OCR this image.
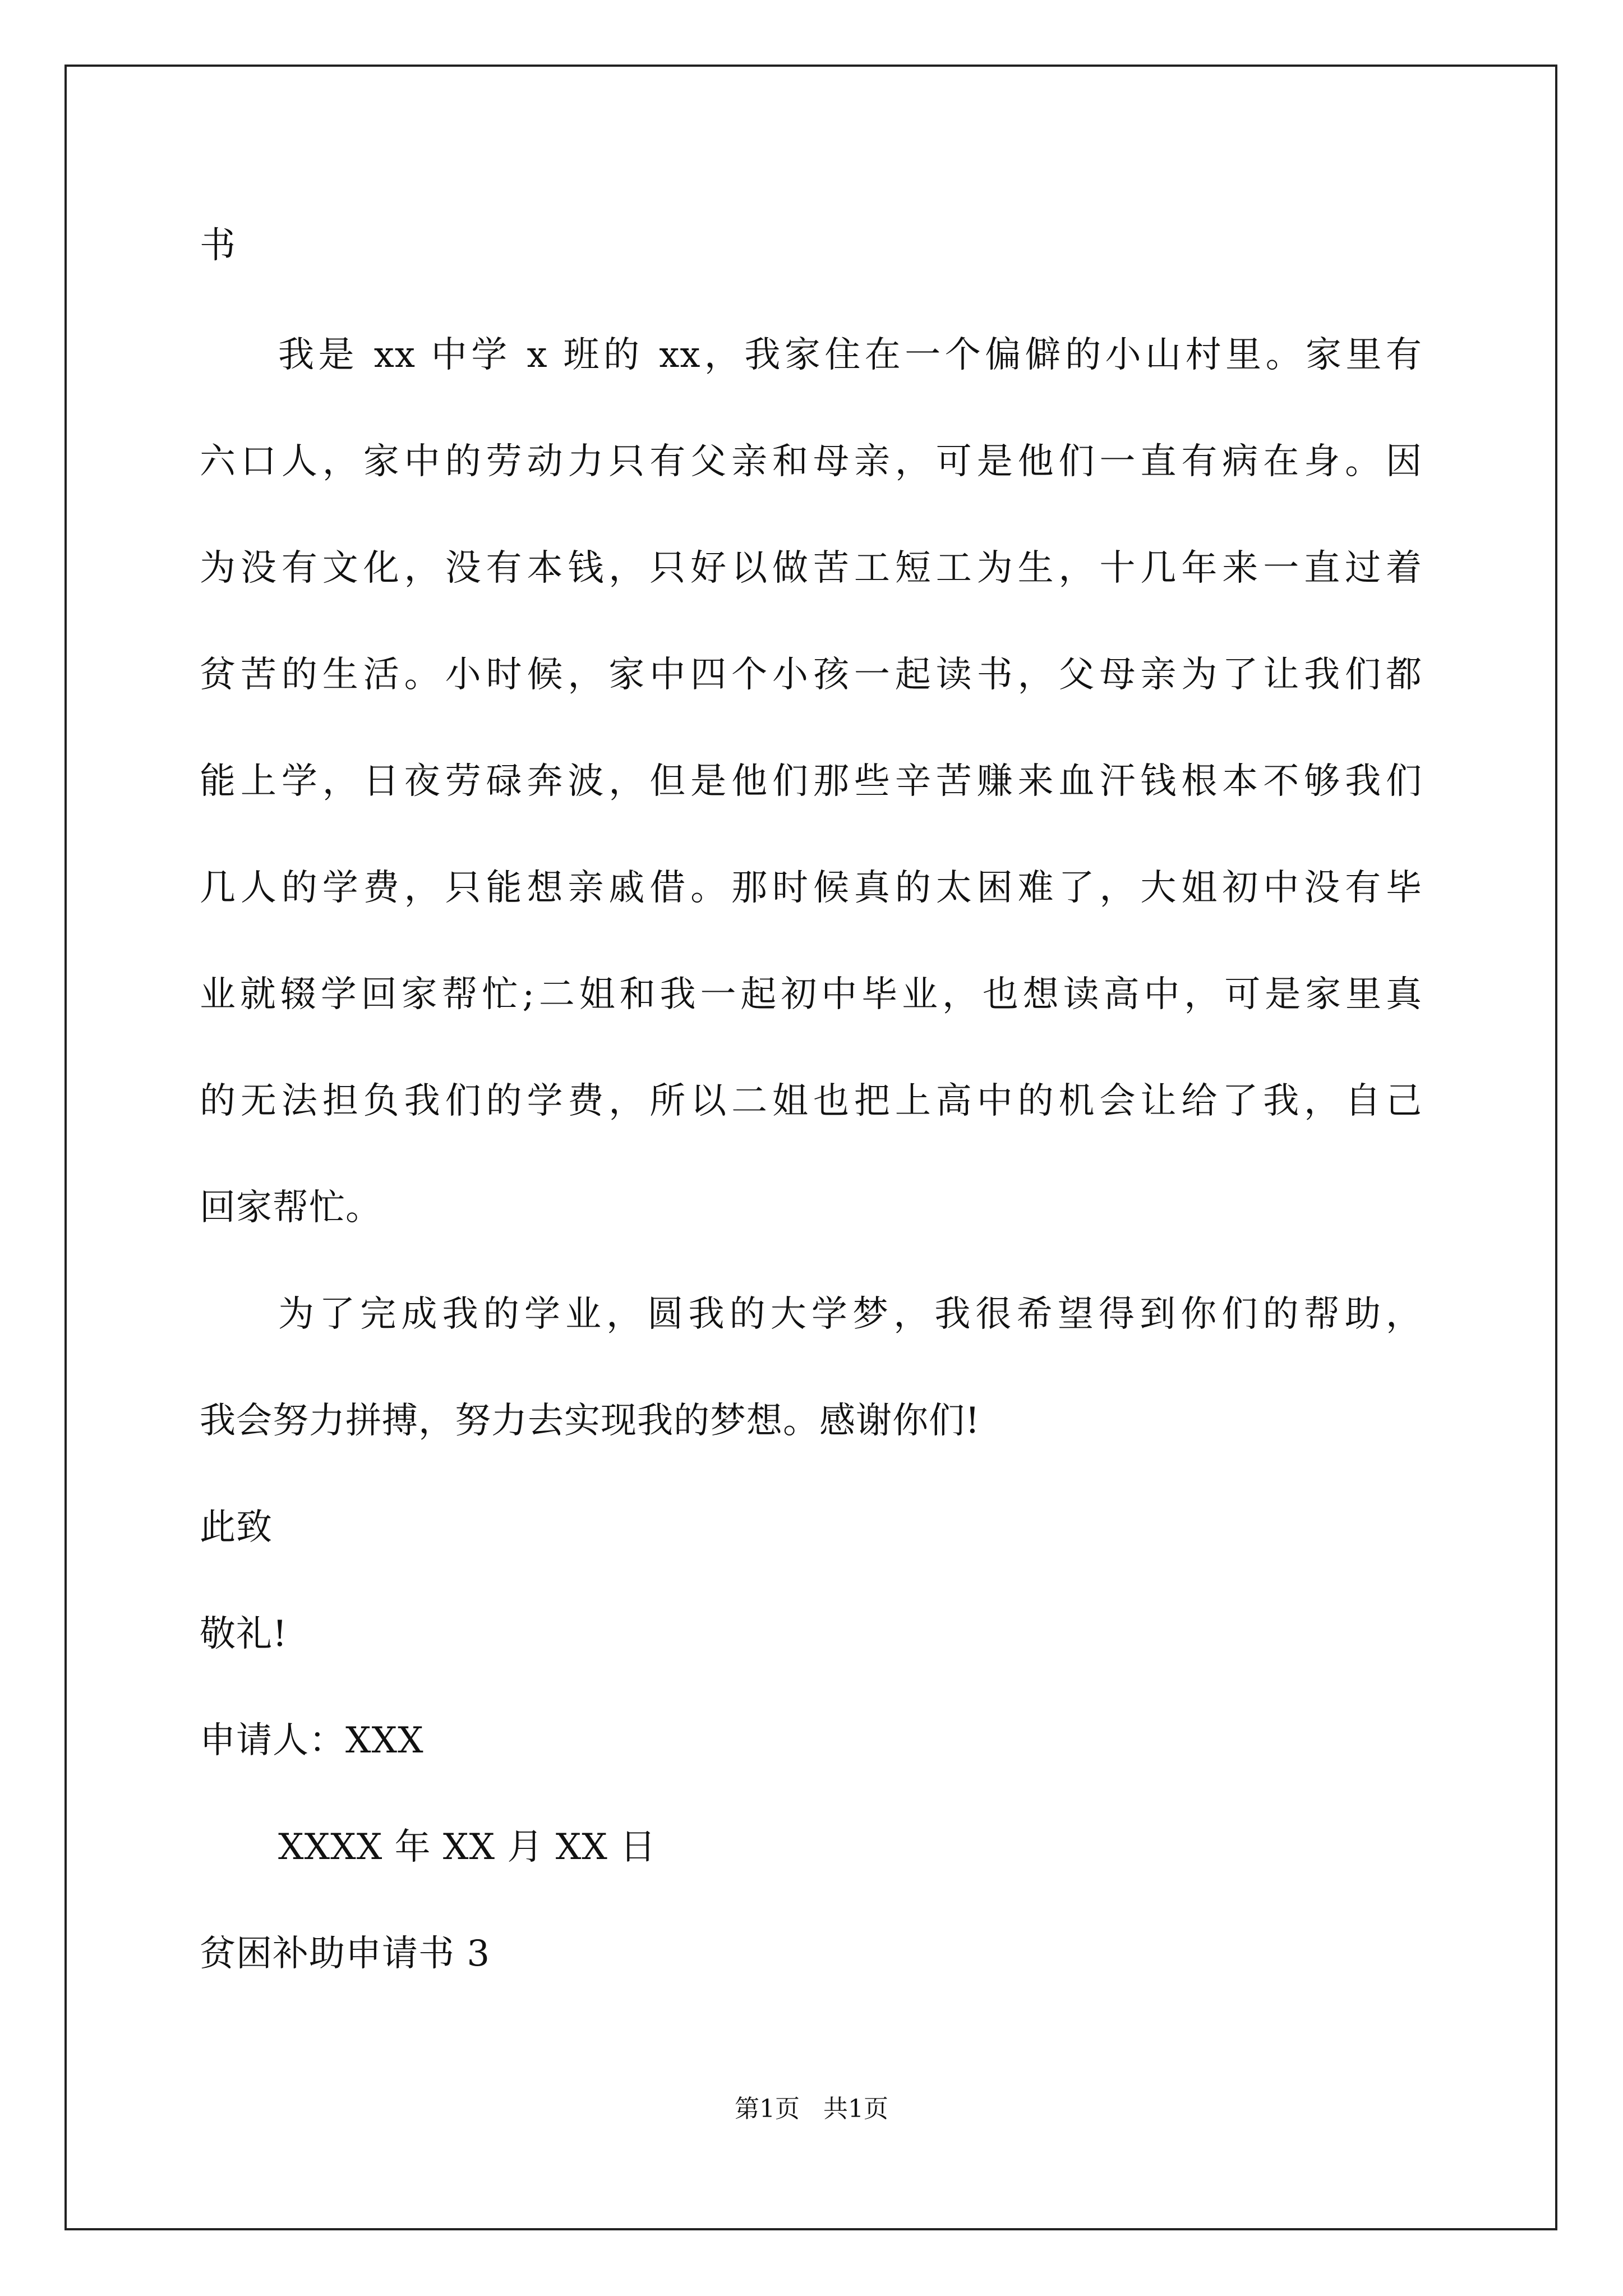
书
我是 xx 中学 x 班的 xx，我家住在一个偏僻的小山村里。家里有
六口人，家中的劳动力只有父亲和母亲，可是他们一直有病在身。因
为没有文化，没有本钱，只好以做苦工短工为生，十几年来一直过着
贫苦的生活。小时候，家中四个小孩一起读书，父母亲为了让我们都
能上学，日夜劳碌奔波，但是他们那些辛苦赚来血汗钱根本不够我们
几人的学费，只能想亲戚借。那时候真的太困难了，大姐初中没有毕
业就辍学回家帮忙;二姐和我一起初中毕业，也想读高中，可是家里真
的无法担负我们的学费，所以二姐也把上高中的机会让给了我，自己
回家帮忙。
为了完成我的学业，圆我的大学梦，我很希望得到你们的帮助，
我会努力拼搏，努力去实现我的梦想。感谢你们!
此致
敬礼!
申请人：XXX
XXXX 年 XX 月 XX 日
贫困补助申请书 3
第1页   共1页
